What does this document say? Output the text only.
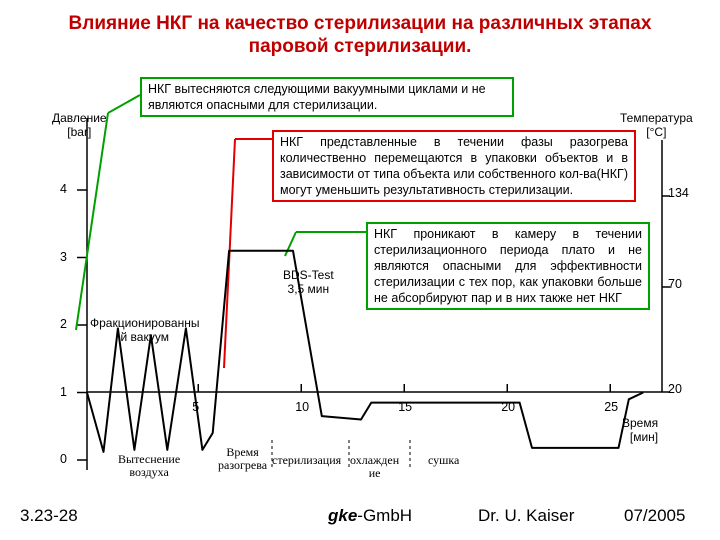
Влияние НКГ на качество стерилизации на различных этапах
паровой стерилизации.
Давление
[bar]
Температура
[°C]
Время
[мин]
0
1
2
3
4
20
70
134
5	10	15	20	25
НКГ вытесняются следующими вакуумными циклами и не являются опасными для стерилизации.
НКГ представленные в течении фазы разогрева количественно перемещаются в упаковки объектов и в зависимости от типа объекта или собственного кол-ва(НКГ) могут уменьшить результативность стерилизации.
НКГ проникают в камеру в течении стерилизационного периода плато и не являются опасными для эффективности стерилизации с тех пор, как упаковки больше не абсорбируют пар и в них также нет НКГ
BDS-Test
3,5 мин
Фракционированны
й вакуум
Вытеснение
воздуха
Время
разогрева стерилизация охлажден
ие
сушка
3.23-28	gke-GmbH	Dr. U. Kaiser	07/2005
